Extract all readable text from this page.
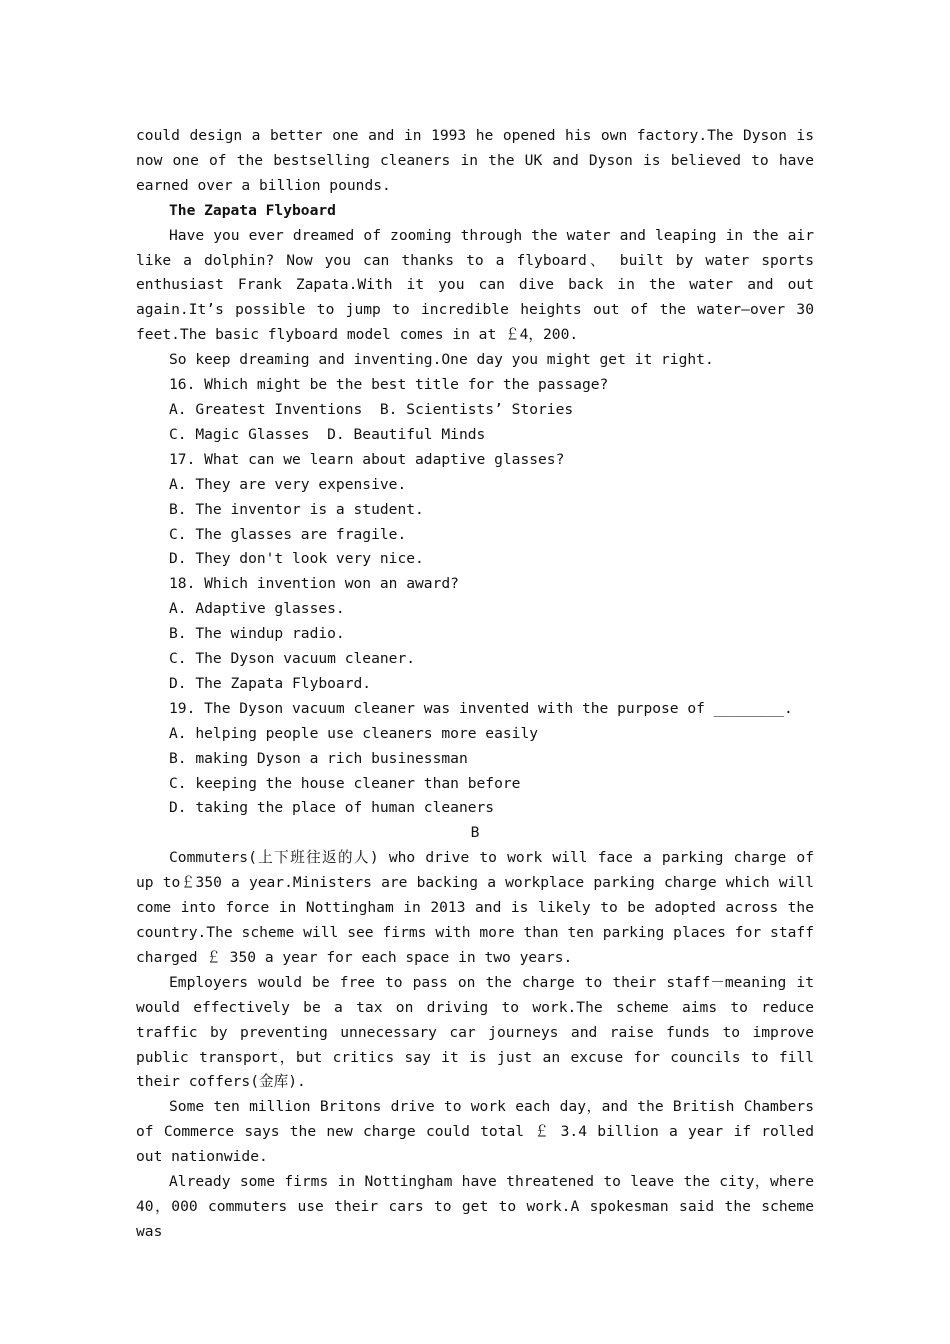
could design a better one and in 1993 he opened his own factory.The Dyson is now one of the bestselling cleaners in the UK and Dyson is believed to have earned over a billion pounds.

The Zapata Flyboard

Have you ever dreamed of zooming through the water and leaping in the air like a dolphin? Now you can thanks to a flyboard、 built by water sports enthusiast Frank Zapata.With it you can dive back in the water and out again.It’s possible to jump to incredible heights out of the water—over 30 feet.The basic flyboard model comes in at ￡4，200.

So keep dreaming and inventing.One day you might get it right.

16. Which might be the best title for the passage?

A. Greatest Inventions  B. Scientists’ Stories

C. Magic Glasses  D. Beautiful Minds

17. What can we learn about adaptive glasses?

A. They are very expensive.

B. The inventor is a student.

C. The glasses are fragile.

D. They don't look very nice.

18. Which invention won an award?

A. Adaptive glasses.

B. The windup radio.

C. The Dyson vacuum cleaner.

D. The Zapata Flyboard.

19. The Dyson vacuum cleaner was invented with the purpose of ________.

A. helping people use cleaners more easily

B. making Dyson a rich businessman

C. keeping the house cleaner than before

D. taking the place of human cleaners

B

Commuters(上下班往返的人) who drive to work will face a parking charge of up to￡350 a year.Ministers are backing a workplace parking charge which will come into force in Nottingham in 2013 and is likely to be adopted across the country.The scheme will see firms with more than ten parking places for staff charged ￡ 350 a year for each space in two years.

Employers would be free to pass on the charge to their staff－meaning it would effectively be a tax on driving to work.The scheme aims to reduce traffic by preventing unnecessary car journeys and raise funds to improve public transport，but critics say it is just an excuse for councils to fill their coffers(金库).

Some ten million Britons drive to work each day，and the British Chambers of Commerce says the new charge could total ￡ 3.4 billion a year if rolled out nationwide.

Already some firms in Nottingham have threatened to leave the city，where 40，000 commuters use their cars to get to work.A spokesman said the scheme was
